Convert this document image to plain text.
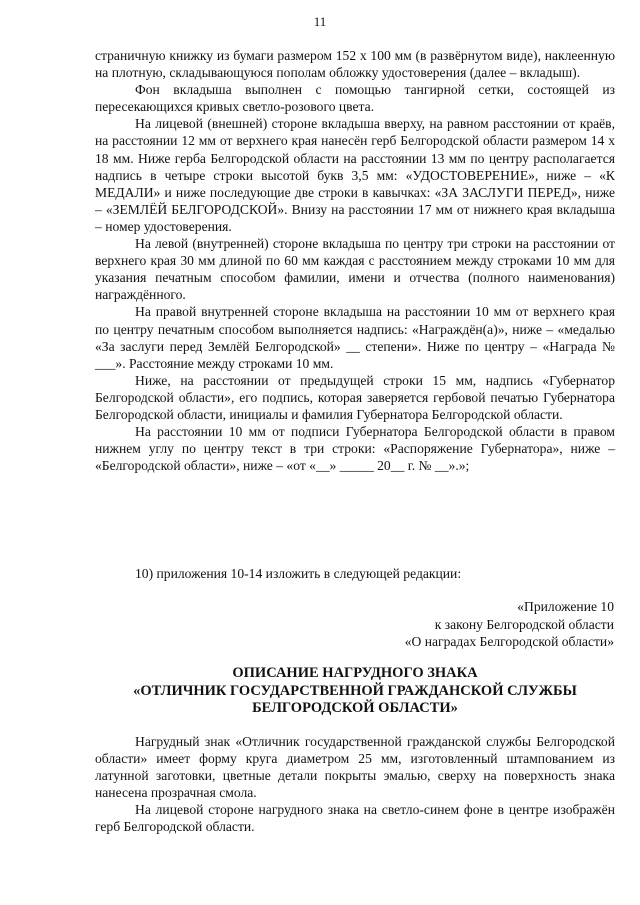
11

страничную книжку из бумаги размером 152 х 100 мм (в развёрнутом виде), наклеенную на плотную, складывающуюся пополам обложку удостоверения (далее – вкладыш).

Фон вкладыша выполнен с помощью тангирной сетки, состоящей из пересекающихся кривых светло-розового цвета.

На лицевой (внешней) стороне вкладыша вверху, на равном расстоянии от краёв, на расстоянии 12 мм от верхнего края нанесён герб Белгородской области размером 14 х 18 мм. Ниже герба Белгородской области на расстоянии 13 мм по центру располагается надпись в четыре строки высотой букв 3,5 мм: «УДОСТОВЕРЕНИЕ», ниже – «К МЕДАЛИ» и ниже последующие две строки в кавычках: «ЗА ЗАСЛУГИ ПЕРЕД», ниже – «ЗЕМЛЁЙ БЕЛГОРОДСКОЙ». Внизу на расстоянии 17 мм от нижнего края вкладыша – номер удостоверения.

На левой (внутренней) стороне вкладыша по центру три строки на расстоянии от верхнего края 30 мм длиной по 60 мм каждая с расстоянием между строками 10 мм для указания печатным способом фамилии, имени и отчества (полного наименования) награждённого.

На правой внутренней стороне вкладыша на расстоянии 10 мм от верхнего края по центру печатным способом выполняется надпись: «Награждён(а)», ниже – «медалью «За заслуги перед Землёй Белгородской» __ степени». Ниже по центру – «Награда № ___». Расстояние между строками 10 мм.

Ниже, на расстоянии от предыдущей строки 15 мм, надпись «Губернатор Белгородской области», его подпись, которая заверяется гербовой печатью Губернатора Белгородской области, инициалы и фамилия Губернатора Белгородской области.

На расстоянии 10 мм от подписи Губернатора Белгородской области в правом нижнем углу по центру текст в три строки: «Распоряжение Губернатора», ниже – «Белгородской области», ниже – «от «__» _____ 20__ г. № __».»;

10) приложения 10-14 изложить в следующей редакции:
«Приложение 10
к закону Белгородской области
«О наградах Белгородской области»
ОПИСАНИЕ НАГРУДНОГО ЗНАКА
«ОТЛИЧНИК ГОСУДАРСТВЕННОЙ ГРАЖДАНСКОЙ СЛУЖБЫ
БЕЛГОРОДСКОЙ ОБЛАСТИ»

Нагрудный знак «Отличник государственной гражданской службы Белгородской области» имеет форму круга диаметром 25 мм, изготовленный штампованием из латунной заготовки, цветные детали покрыты эмалью, сверху на поверхность знака нанесена прозрачная смола.

На лицевой стороне нагрудного знака на светло-синем фоне в центре изображён герб Белгородской области.
